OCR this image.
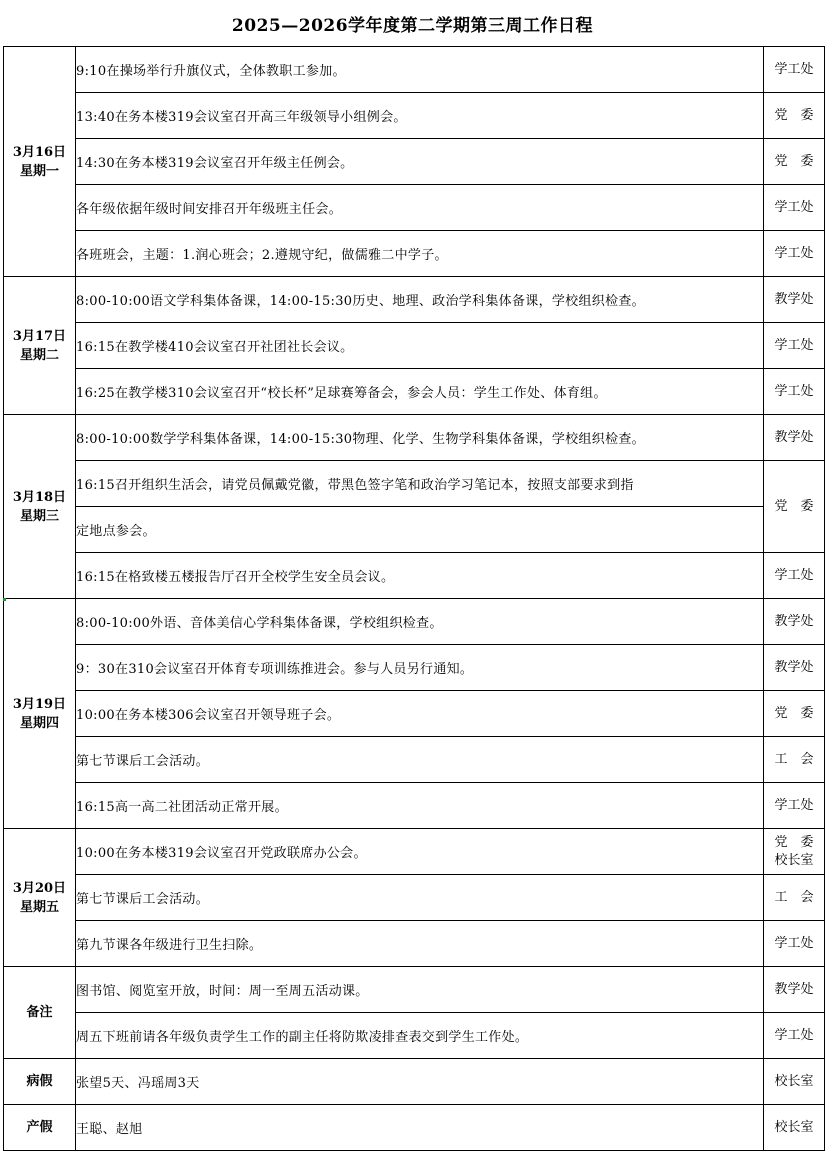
2025—2026学年度第二学期第三周工作日程
3月16日
星期一	9:10在操场举行升旗仪式，全体教职工参加。	学工处

	13:40在务本楼319会议室召开高三年级领导小组例会。	党　委

	14:30在务本楼319会议室召开年级主任例会。	党　委

	各年级依据年级时间安排召开年级班主任会。	学工处

	各班班会，主题：1.润心班会；2.遵规守纪，做儒雅二中学子。	学工处

3月17日
星期二	8:00-10:00语文学科集体备课，14:00-15:30历史、地理、政治学科集体备课，学校组织检查。	教学处

	16:15在教学楼410会议室召开社团社长会议。	学工处

	16:25在教学楼310会议室召开“校长杯”足球赛筹备会，参会人员：学生工作处、体育组。	学工处

3月18日
星期三	8:00-10:00数学学科集体备课，14:00-15:30物理、化学、生物学科集体备课，学校组织检查。	教学处

	16:15召开组织生活会，请党员佩戴党徽，带黑色签字笔和政治学习笔记本，按照支部要求到指	党　委

	定地点参会。	
	16:15在格致楼五楼报告厅召开全校学生安全员会议。	学工处

3月19日
星期四	8:00-10:00外语、音体美信心学科集体备课，学校组织检查。	教学处

	9：30在310会议室召开体育专项训练推进会。参与人员另行通知。	教学处

	10:00在务本楼306会议室召开领导班子会。	党　委

	第七节课后工会活动。	工　会

	16:15高一高二社团活动正常开展。	学工处

3月20日
星期五	10:00在务本楼319会议室召开党政联席办公会。	党　委
校长室

	第七节课后工会活动。	工　会

	第九节课各年级进行卫生扫除。	学工处

备注	图书馆、阅览室开放，时间：周一至周五活动课。	教学处

	周五下班前请各年级负责学生工作的副主任将防欺凌排查表交到学生工作处。	学工处

病假	张望5天、冯瑶周3天	校长室

产假	王聪、赵旭	校长室
